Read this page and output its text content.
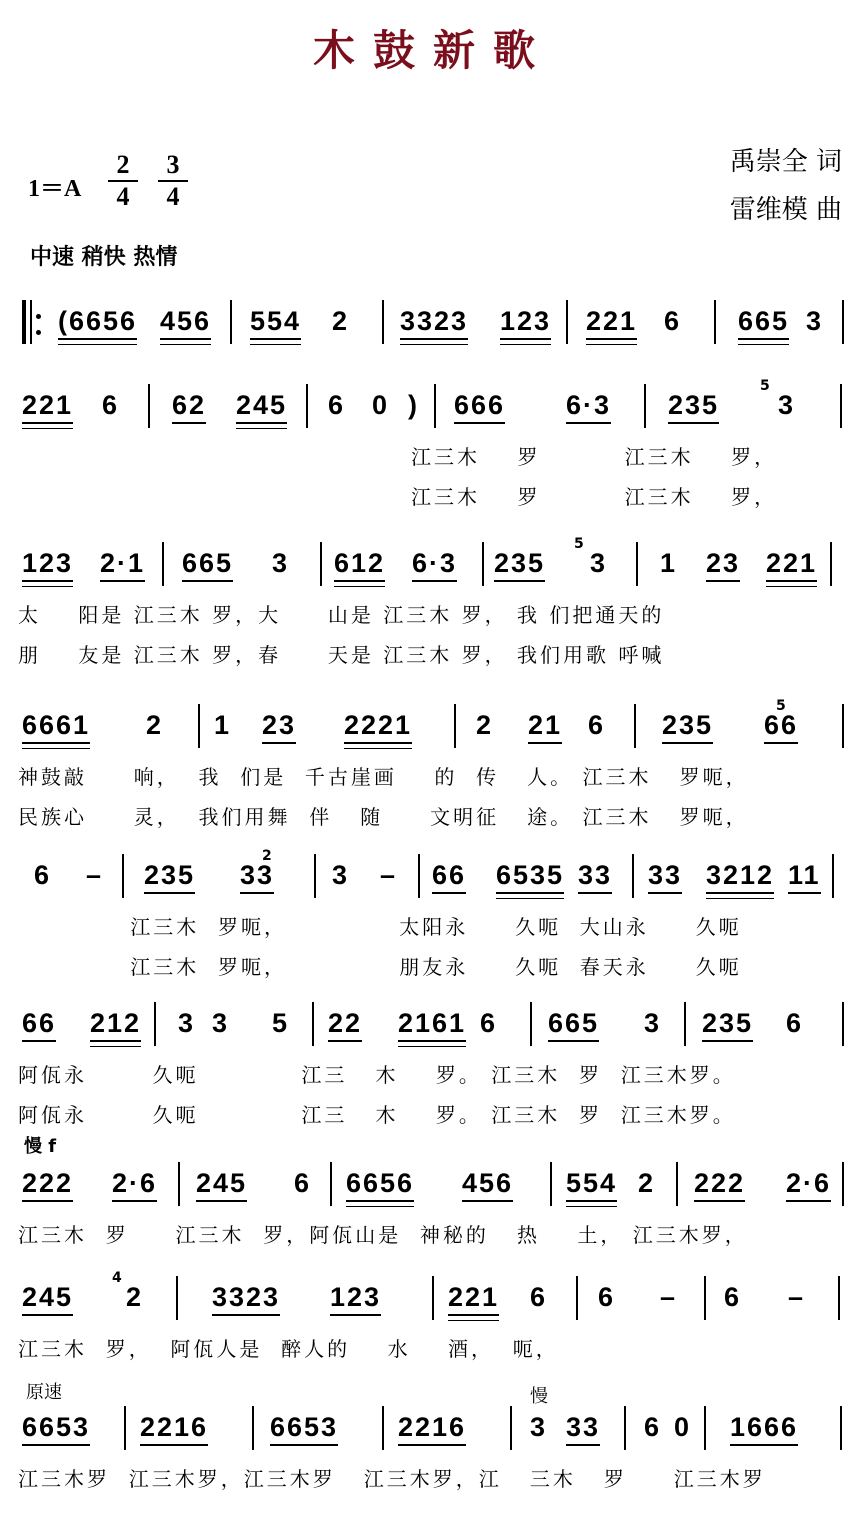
木鼓新歌
禹崇全 词
雷维模 曲
$1=A \frac{2}{4} \frac{3}{4}$
中速 稍快 热情
慢 f
原速	慢
(6656 456 554 2 3323 123 221 6 665 3
221 6 62 245 6 0 ) 666 6·3 235 3
5
江三木    罗         江三木    罗，
江三木    罗         江三木    罗，
123 2·1 665 3 612 6·3 235 3 1 23 221
5
太    阳是 江三木 罗，大     山是 江三木 罗， 我 们把通天的
朋    友是 江三木 罗，春     天是 江三木 罗， 我们用歌 呼喊
6661 2 1 23 2221 2 21 6 235 66
5
神鼓敲     响，  我  们是  千古崖画    的  传   人。 江三木   罗呃，
民族心     灵，  我们用舞  伴   随     文明征   途。 江三木   罗呃，
6 – 235 33 3 – 66 6535 33 33 3212 11
2
江三木  罗呃，            太阳永     久呃  大山永     久呃
江三木  罗呃，            朋友永     久呃  春天永     久呃
66 212 3 3 5 22 2161 6 665 3 235 6
阿佤永       久呃           江三   木    罗。 江三木  罗  江三木罗。
阿佤永       久呃           江三   木    罗。 江三木  罗  江三木罗。
222 2·6 245 6 6656 456 554 2 222 2·6
江三木  罗     江三木  罗，阿佤山是  神秘的   热    土， 江三木罗，
245 2	3323 123 221 6 6 – 6 –
4
江三木  罗，  阿佤人是  醉人的    水    酒，  呃，
6653 2216 6653 2216 3 33 6 0 1666
江三木罗  江三木罗，江三木罗   江三木罗，江   三木   罗     江三木罗
